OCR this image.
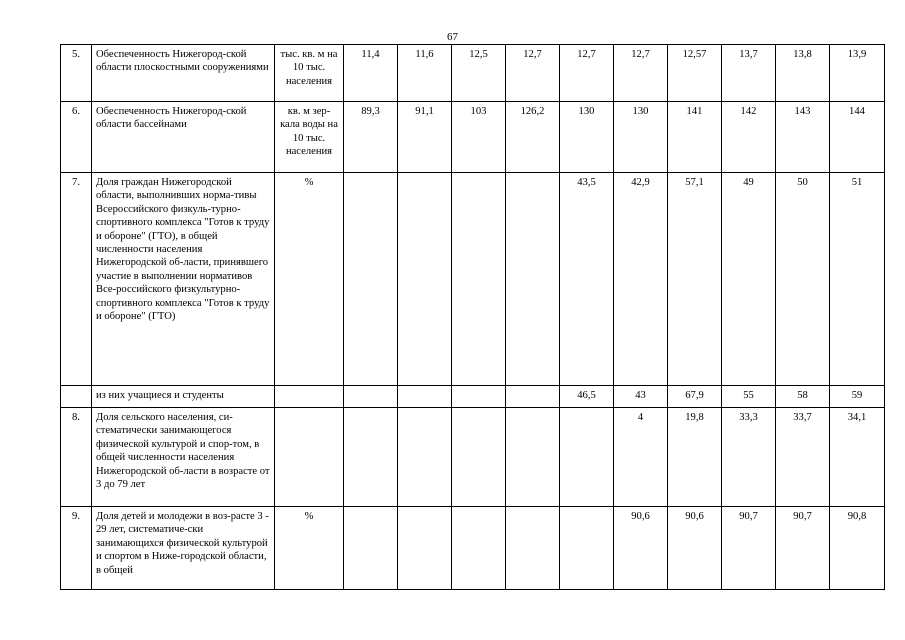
67
5.	Обеспеченность Нижегород-ской области плоскостными сооружениями	тыс. кв. м на 10 тыс. населения	11,4	11,6	12,5	12,7	12,7	12,7	12,57	13,7	13,8	13,9
6.	Обеспеченность Нижегород-ской области бассейнами	кв. м зер-кала воды на 10 тыс. населения	89,3	91,1	103	126,2	130	130	141	142	143	144
7.	Доля граждан Нижегородской области, выполнивших норма-тивы Всероссийского физкуль-турно-спортивного комплекса "Готов к труду и обороне" (ГТО), в общей численности населения Нижегородской об-ласти, принявшего участие в выполнении нормативов Все-российского физкультурно-спортивного комплекса "Готов к труду и обороне" (ГТО)	%					43,5	42,9	57,1	49	50	51
	из них учащиеся и студенты						46,5	43	67,9	55	58	59
8.	Доля сельского населения, си-стематически занимающегося физической культурой и спор-том, в общей численности населения Нижегородской об-ласти в возрасте от 3 до 79 лет							4	19,8	33,3	33,7	34,1
9.	Доля детей и молодежи в воз-расте 3 - 29 лет, систематиче-ски занимающихся физической культурой и спортом в Ниже-городской области, в общей	%						90,6	90,6	90,7	90,7	90,8
